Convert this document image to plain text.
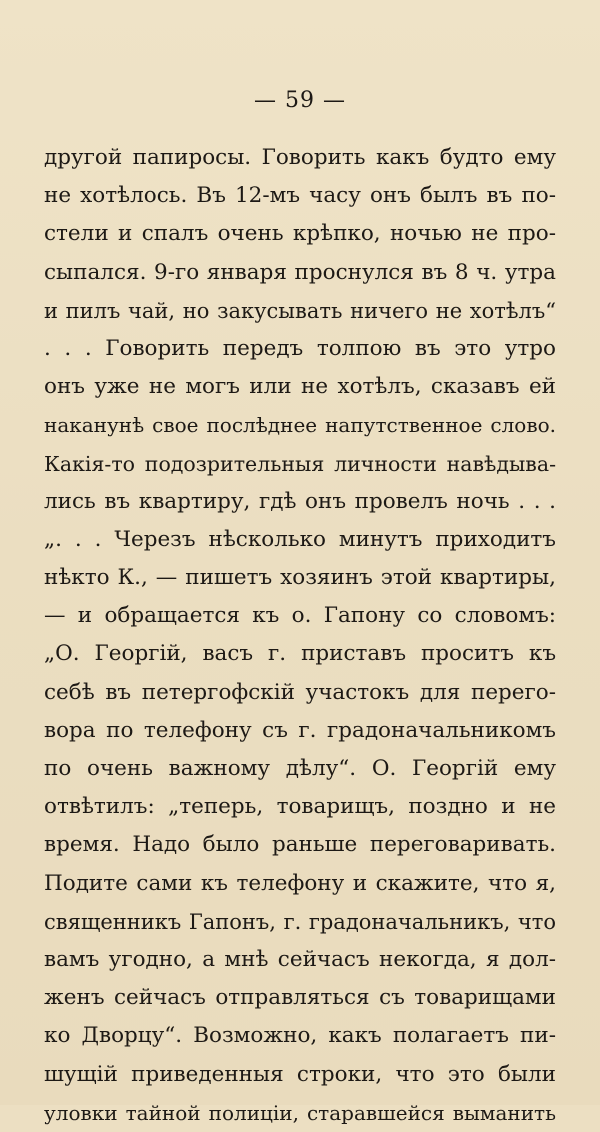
— 59 —
другой папиросы. Говорить какъ будто ему
не хотѣлось. Въ 12-мъ часу онъ былъ въ по-
стели и спалъ очень крѣпко, ночью не про-
сыпался. 9-го января проснулся въ 8 ч. утра
и пилъ чай, но закусывать ничего не хотѣлъ“
. . . Говорить передъ толпою въ это утро
онъ уже не могъ или не хотѣлъ, сказавъ ей
наканунѣ свое послѣднее напутственное слово.
Какія-то подозрительныя личности навѣдыва-
лись въ квартиру, гдѣ онъ провелъ ночь . . .
„. . . Черезъ нѣсколько минутъ приходитъ
нѣкто К., — пишетъ хозяинъ этой квартиры,
— и обращается къ о. Гапону со словомъ:
„О. Георгій, васъ г. приставъ проситъ къ
себѣ въ петергофскій участокъ для перего-
вора по телефону съ г. градоначальникомъ
по очень важному дѣлу“. О. Георгій ему
отвѣтилъ: „теперь, товарищъ, поздно и не
время. Надо было раньше переговаривать.
Подите сами къ телефону и скажите, что я,
священникъ Гапонъ, г. градоначальникъ, что
вамъ угодно, а мнѣ сейчасъ некогда, я дол-
женъ сейчасъ отправляться съ товарищами
ко Дворцу“. Возможно, какъ полагаетъ пи-
шущій приведенныя строки, что это были
уловки тайной полиціи, старавшейся выманить
